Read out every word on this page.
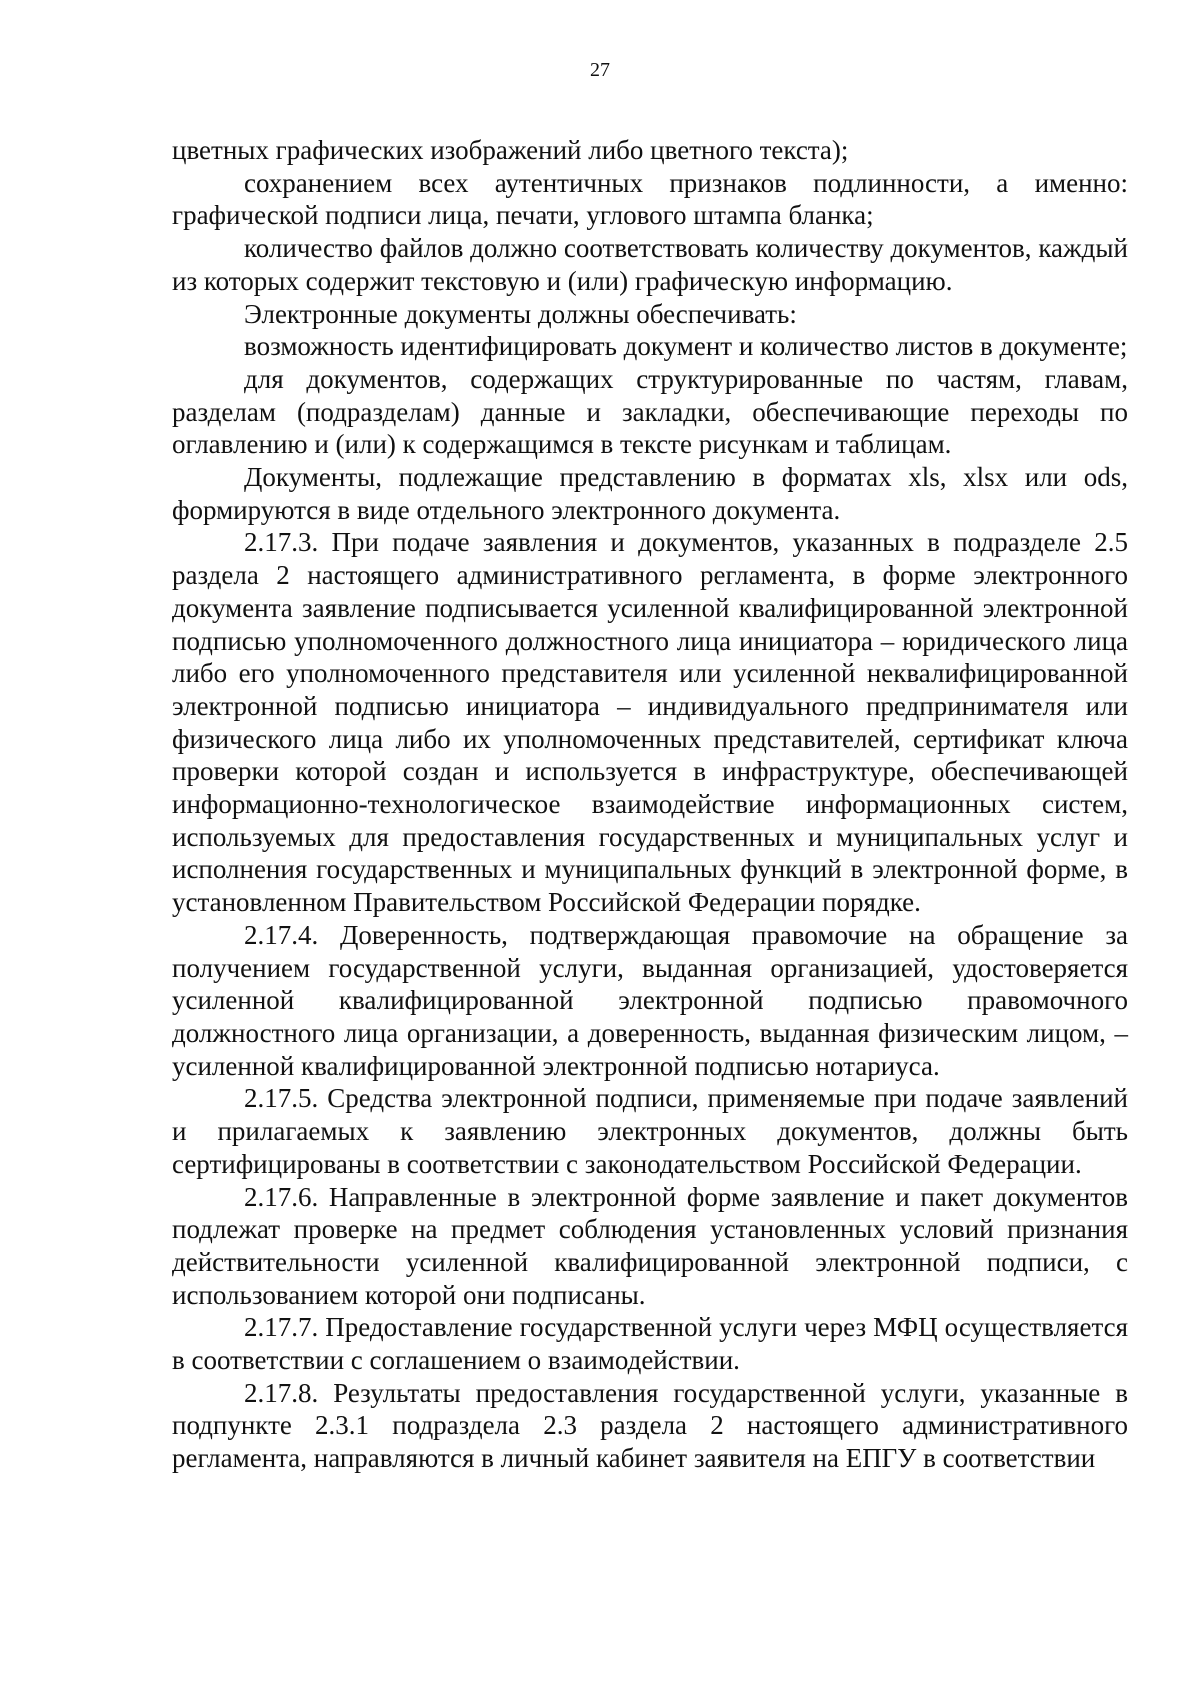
27

цветных графических изображений либо цветного текста);

сохранением всех аутентичных признаков подлинности, а именно: графической подписи лица, печати, углового штампа бланка;

количество файлов должно соответствовать количеству документов, каждый из которых содержит текстовую и (или) графическую информацию.

Электронные документы должны обеспечивать:

возможность идентифицировать документ и количество листов в документе;

для документов, содержащих структурированные по частям, главам, разделам (подразделам) данные и закладки, обеспечивающие переходы по оглавлению и (или) к содержащимся в тексте рисункам и таблицам.

Документы, подлежащие представлению в форматах xls, xlsx или ods, формируются в виде отдельного электронного документа.

2.17.3. При подаче заявления и документов, указанных в подразделе 2.5 раздела 2 настоящего административного регламента, в форме электронного документа заявление подписывается усиленной квалифицированной электронной подписью уполномоченного должностного лица инициатора – юридического лица либо его уполномоченного представителя или усиленной неквалифицированной электронной подписью инициатора – индивидуального предпринимателя или физического лица либо их уполномоченных представителей, сертификат ключа проверки которой создан и используется в инфраструктуре, обеспечивающей информационно-технологическое взаимодействие информационных систем, используемых для предоставления государственных и муниципальных услуг и исполнения государственных и муниципальных функций в электронной форме, в установленном Правительством Российской Федерации порядке.

2.17.4. Доверенность, подтверждающая правомочие на обращение за получением государственной услуги, выданная организацией, удостоверяется усиленной квалифицированной электронной подписью правомочного должностного лица организации, а доверенность, выданная физическим лицом, – усиленной квалифицированной электронной подписью нотариуса.

2.17.5. Средства электронной подписи, применяемые при подаче заявлений и прилагаемых к заявлению электронных документов, должны быть сертифицированы в соответствии с законодательством Российской Федерации.

2.17.6. Направленные в электронной форме заявление и пакет документов подлежат проверке на предмет соблюдения установленных условий признания действительности усиленной квалифицированной электронной подписи, с использованием которой они подписаны.

2.17.7. Предоставление государственной услуги через МФЦ осуществляется в соответствии с соглашением о взаимодействии.

2.17.8. Результаты предоставления государственной услуги, указанные в подпункте 2.3.1 подраздела 2.3 раздела 2 настоящего административного регламента, направляются в личный кабинет заявителя на ЕПГУ в соответствии
